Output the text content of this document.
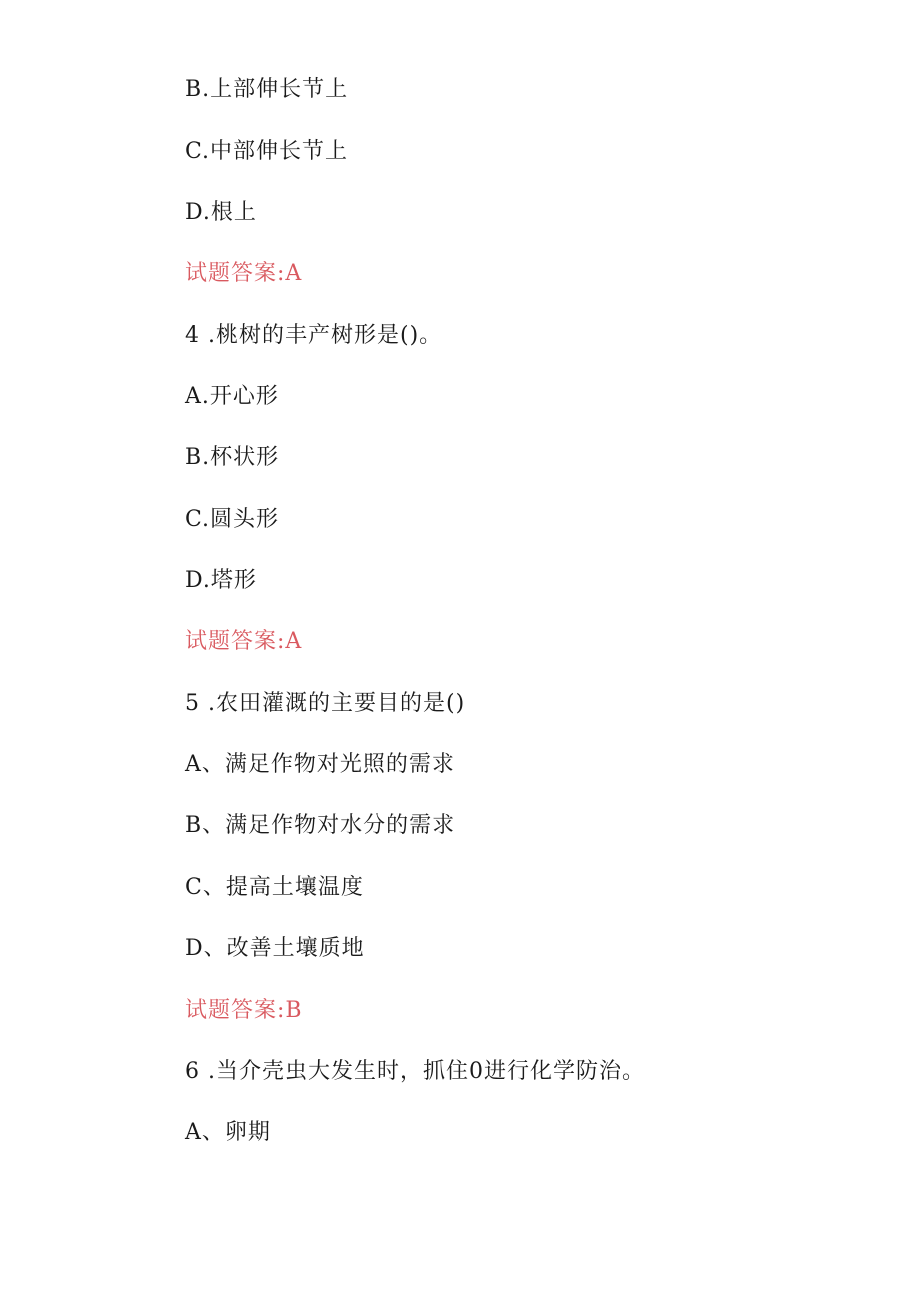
B.上部伸长节上
C.中部伸长节上
D.根上
试题答案:A
4 .桃树的丰产树形是()。
A.开心形
B.杯状形
C.圆头形
D.塔形
试题答案:A
5 .农田灌溉的主要目的是()
A、满足作物对光照的需求
B、满足作物对水分的需求
C、提高土壤温度
D、改善土壤质地
试题答案:B
6 .当介壳虫大发生时，抓住0进行化学防治。
A、卵期
